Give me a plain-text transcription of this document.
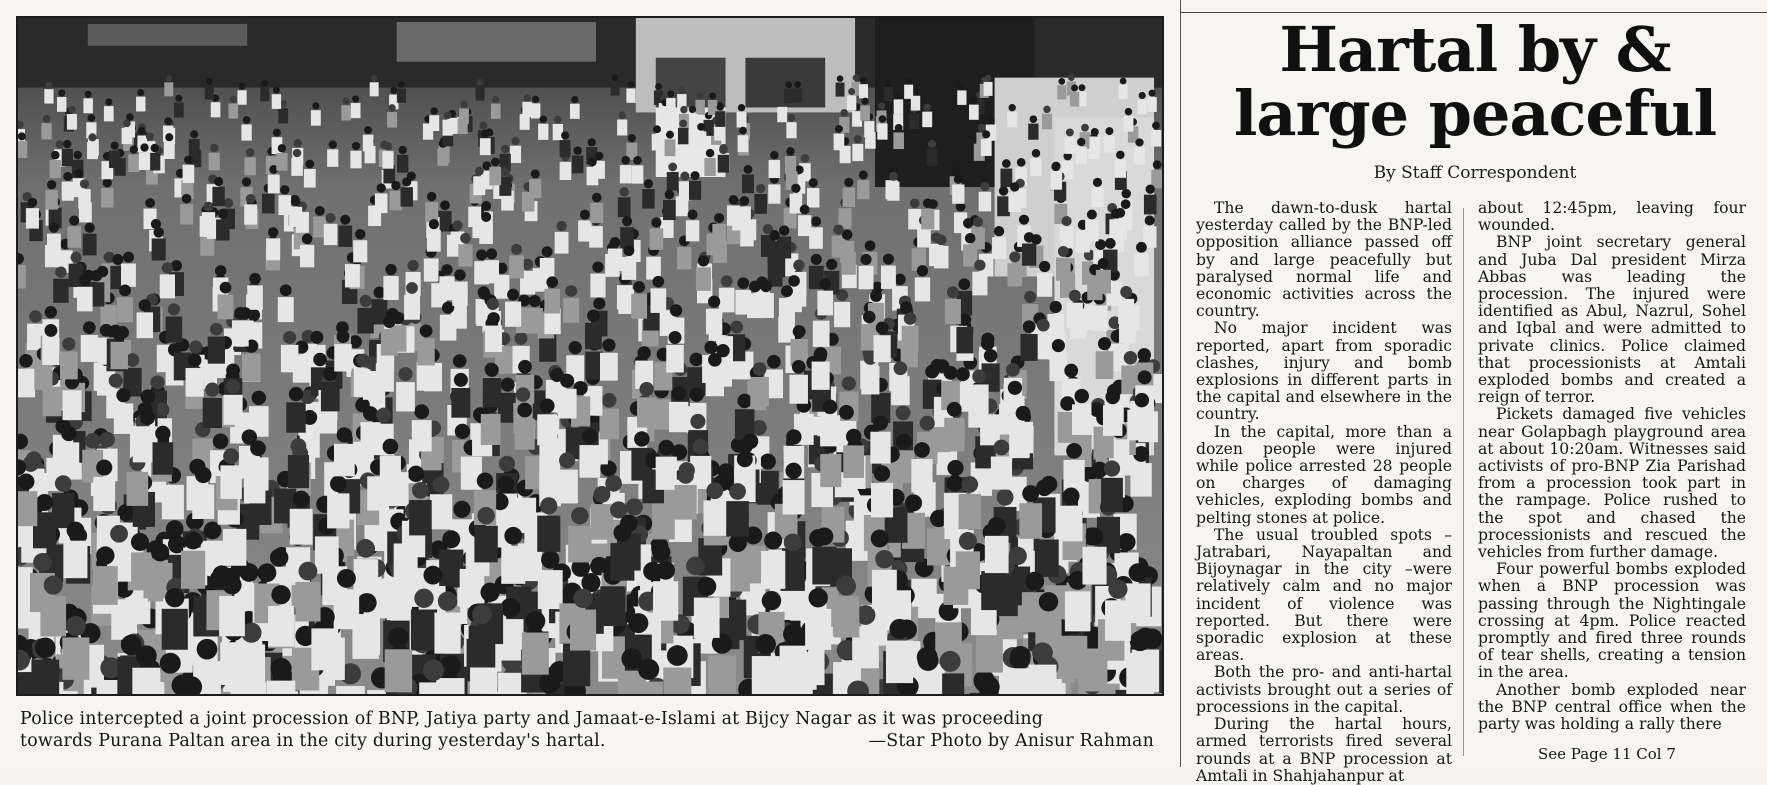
Police intercepted a joint procession of BNP, Jatiya party and Jamaat-e-Islami at Bijcy Nagar as it was proceeding
towards Purana Paltan area in the city during yesterday's hartal.	—Star Photo by Anisur Rahman
Hartal by & large peaceful
By Staff Correspondent

The dawn-to-dusk hartal yesterday called by the BNP-led opposition alliance passed off by and large peacefully but paralysed normal life and economic activities across the country.

No major incident was reported, apart from sporadic clashes, injury and bomb explosions in different parts in the capital and elsewhere in the country.

In the capital, more than a dozen people were injured while police arrested 28 people on charges of damaging vehicles, exploding bombs and pelting stones at police.

The usual troubled spots – Jatrabari, Nayapaltan and Bijoynagar in the city –were relatively calm and no major incident of violence was reported. But there were sporadic explosion at these areas.

Both the pro- and anti-hartal activists brought out a series of processions in the capital.

During the hartal hours, armed terrorists fired several rounds at a BNP procession at Amtali in Shahjahanpur at

about 12:45pm, leaving four wounded.

BNP joint secretary general and Juba Dal president Mirza Abbas was leading the procession. The injured were identified as Abul, Nazrul, Sohel and Iqbal and were admitted to private clinics. Police claimed that processionists at Amtali exploded bombs and created a reign of terror.

Pickets damaged five vehicles near Golapbagh playground area at about 10:20am. Witnesses said activists of pro-BNP Zia Parishad from a procession took part in the rampage. Police rushed to the spot and chased the processionists and rescued the vehicles from further damage.

Four powerful bombs exploded when a BNP procession was passing through the Nightingale crossing at 4pm. Police reacted promptly and fired three rounds of tear shells, creating a tension in the area.

Another bomb exploded near the BNP central office when the party was holding a rally there

See Page 11 Col 7
